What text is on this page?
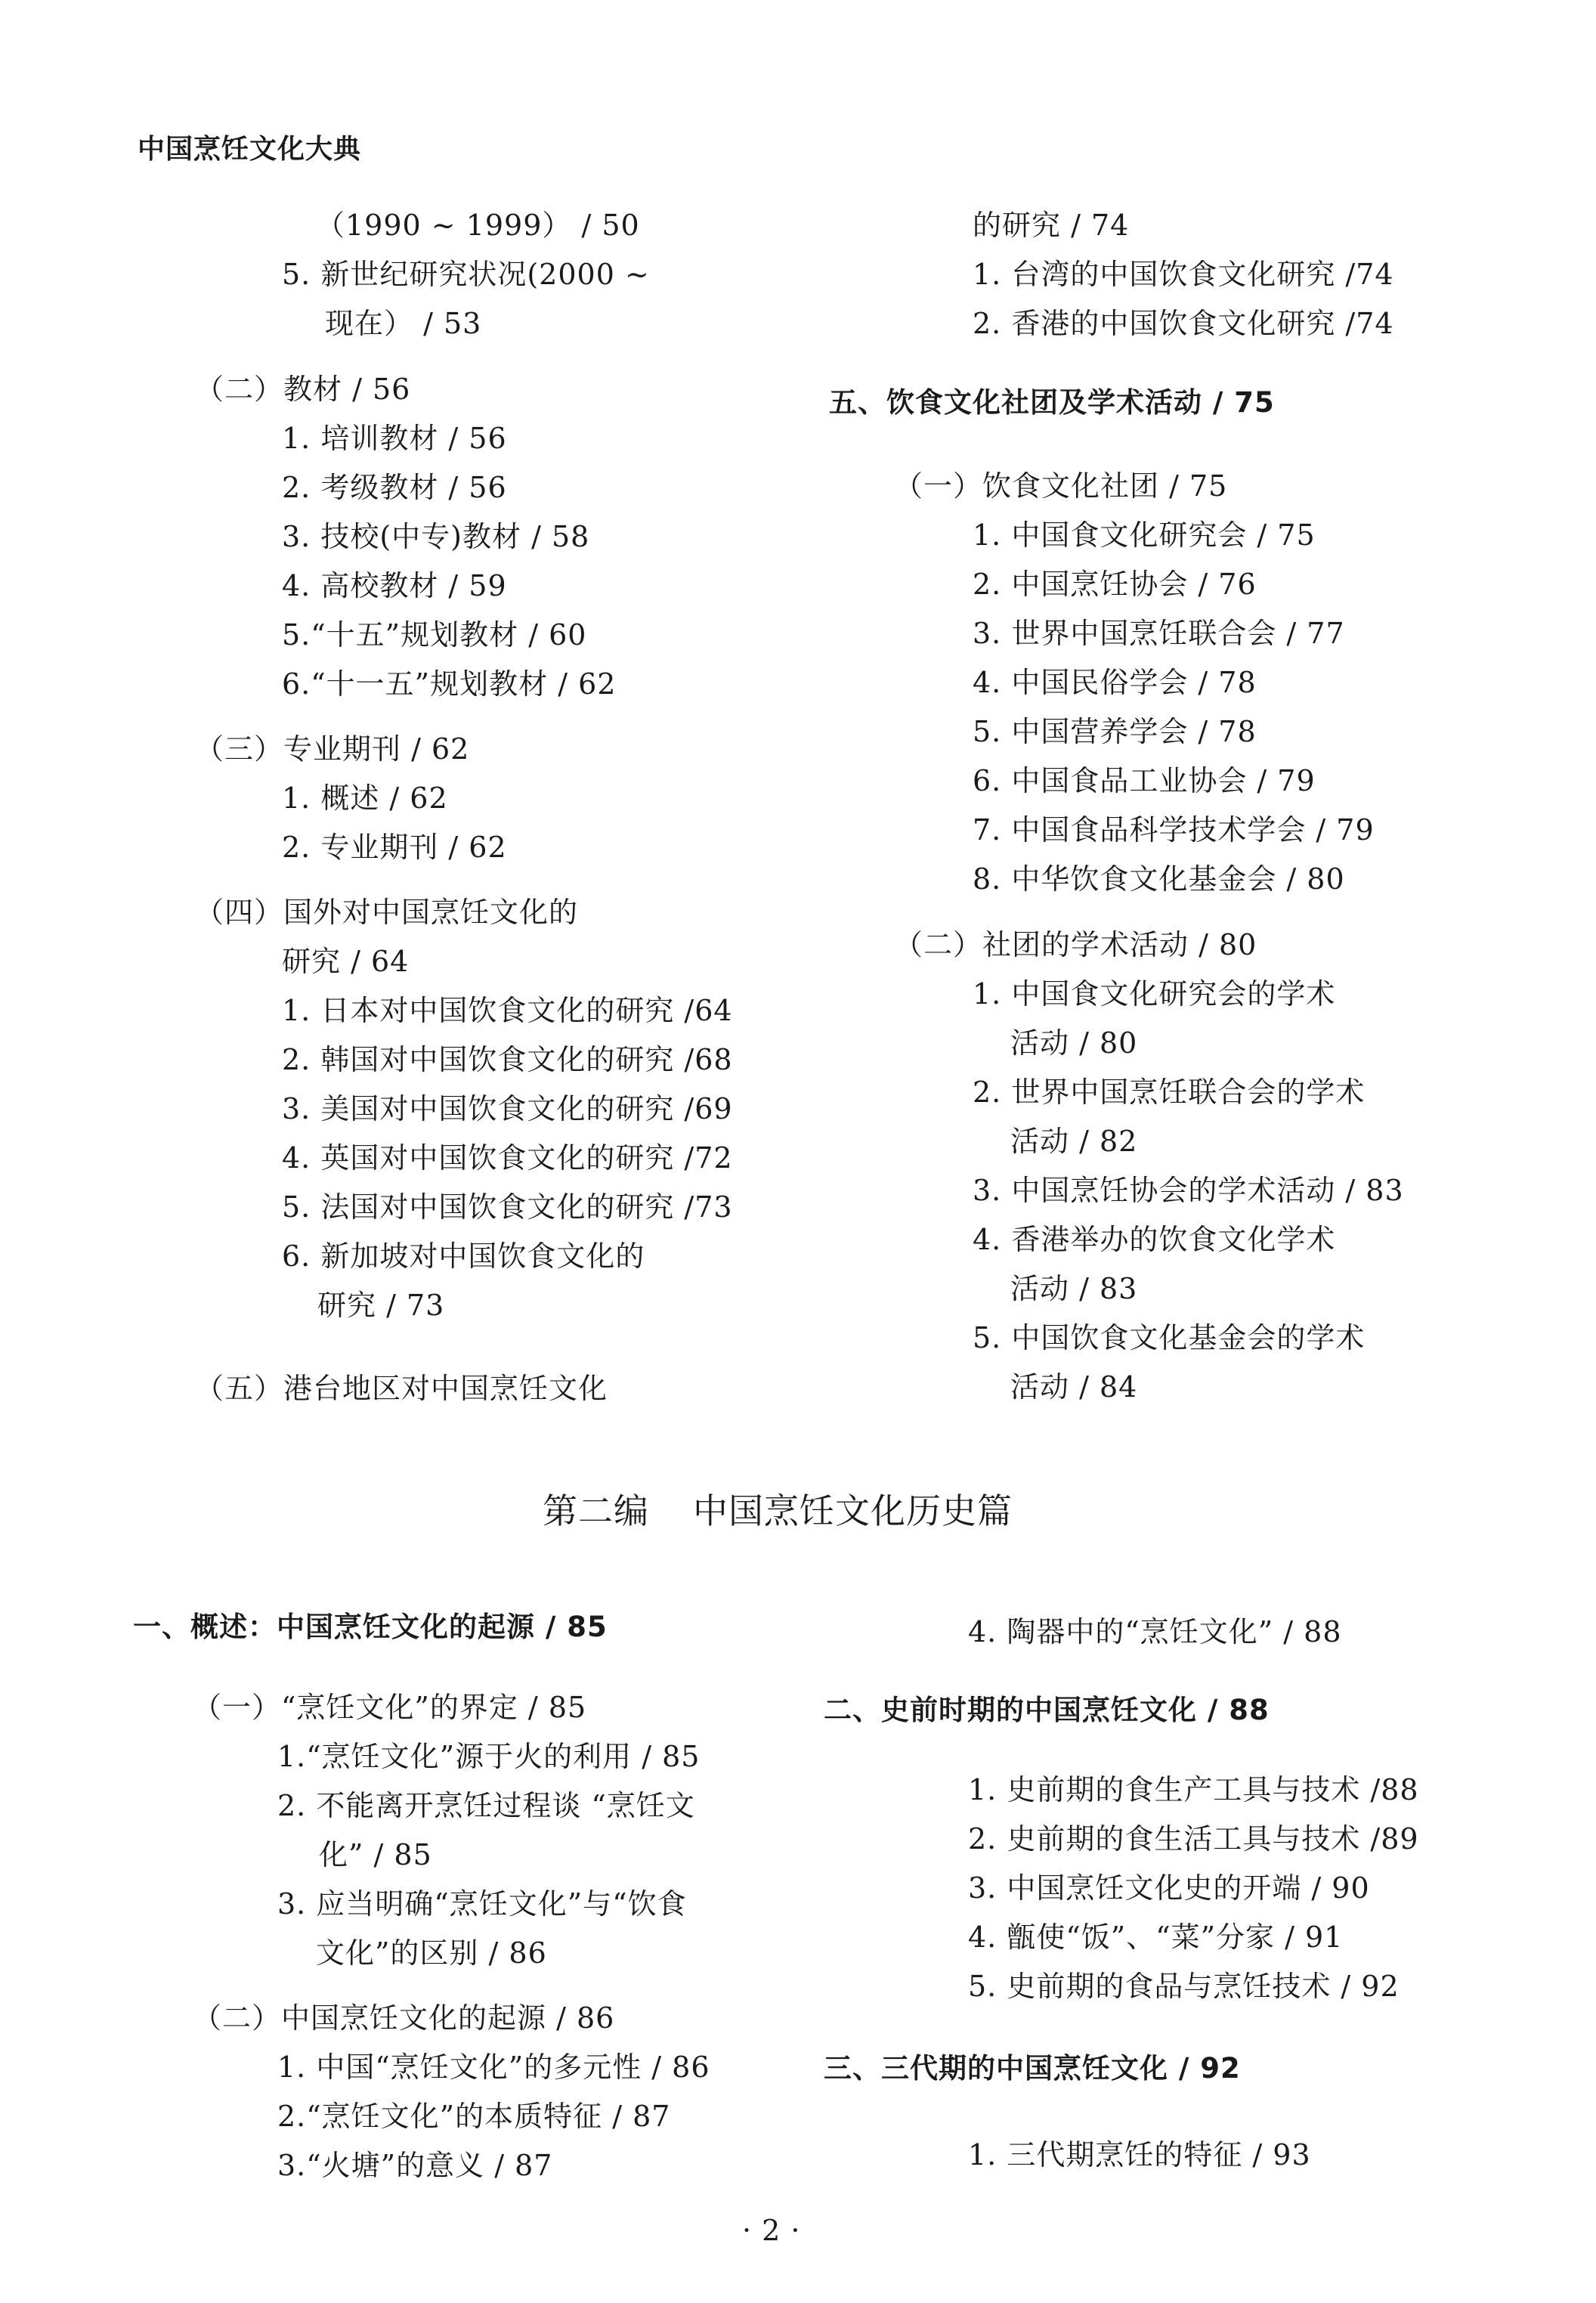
中国烹饪文化大典
（1990 ~ 1999） / 50
5. 新世纪研究状况(2000 ~
现在） / 53
（二）教材 / 56
1. 培训教材 / 56
2. 考级教材 / 56
3. 技校(中专)教材 / 58
4. 高校教材 / 59
5.“十五”规划教材 / 60
6.“十一五”规划教材 / 62
（三）专业期刊 / 62
1. 概述 / 62
2. 专业期刊 / 62
（四）国外对中国烹饪文化的
研究 / 64
1. 日本对中国饮食文化的研究 /64
2. 韩国对中国饮食文化的研究 /68
3. 美国对中国饮食文化的研究 /69
4. 英国对中国饮食文化的研究 /72
5. 法国对中国饮食文化的研究 /73
6. 新加坡对中国饮食文化的
研究 / 73
（五）港台地区对中国烹饪文化
的研究 / 74
1. 台湾的中国饮食文化研究 /74
2. 香港的中国饮食文化研究 /74
五、饮食文化社团及学术活动 / 75
（一）饮食文化社团 / 75
1. 中国食文化研究会 / 75
2. 中国烹饪协会 / 76
3. 世界中国烹饪联合会 / 77
4. 中国民俗学会 / 78
5. 中国营养学会 / 78
6. 中国食品工业协会 / 79
7. 中国食品科学技术学会 / 79
8. 中华饮食文化基金会 / 80
（二）社团的学术活动 / 80
1. 中国食文化研究会的学术
活动 / 80
2. 世界中国烹饪联合会的学术
活动 / 82
3. 中国烹饪协会的学术活动 / 83
4. 香港举办的饮食文化学术
活动 / 83
5. 中国饮食文化基金会的学术
活动 / 84
第二编 中国烹饪文化历史篇
一、概述：中国烹饪文化的起源 / 85
（一）“烹饪文化”的界定 / 85
1.“烹饪文化”源于火的利用 / 85
2. 不能离开烹饪过程谈 “烹饪文
化” / 85
3. 应当明确“烹饪文化”与“饮食
文化”的区别 / 86
（二）中国烹饪文化的起源 / 86
1. 中国“烹饪文化”的多元性 / 86
2.“烹饪文化”的本质特征 / 87
3.“火塘”的意义 / 87
4. 陶器中的“烹饪文化” / 88
二、史前时期的中国烹饪文化 / 88
1. 史前期的食生产工具与技术 /88
2. 史前期的食生活工具与技术 /89
3. 中国烹饪文化史的开端 / 90
4. 甑使“饭”、“菜”分家 / 91
5. 史前期的食品与烹饪技术 / 92
三、三代期的中国烹饪文化 / 92
1. 三代期烹饪的特征 / 93
· 2 ·
